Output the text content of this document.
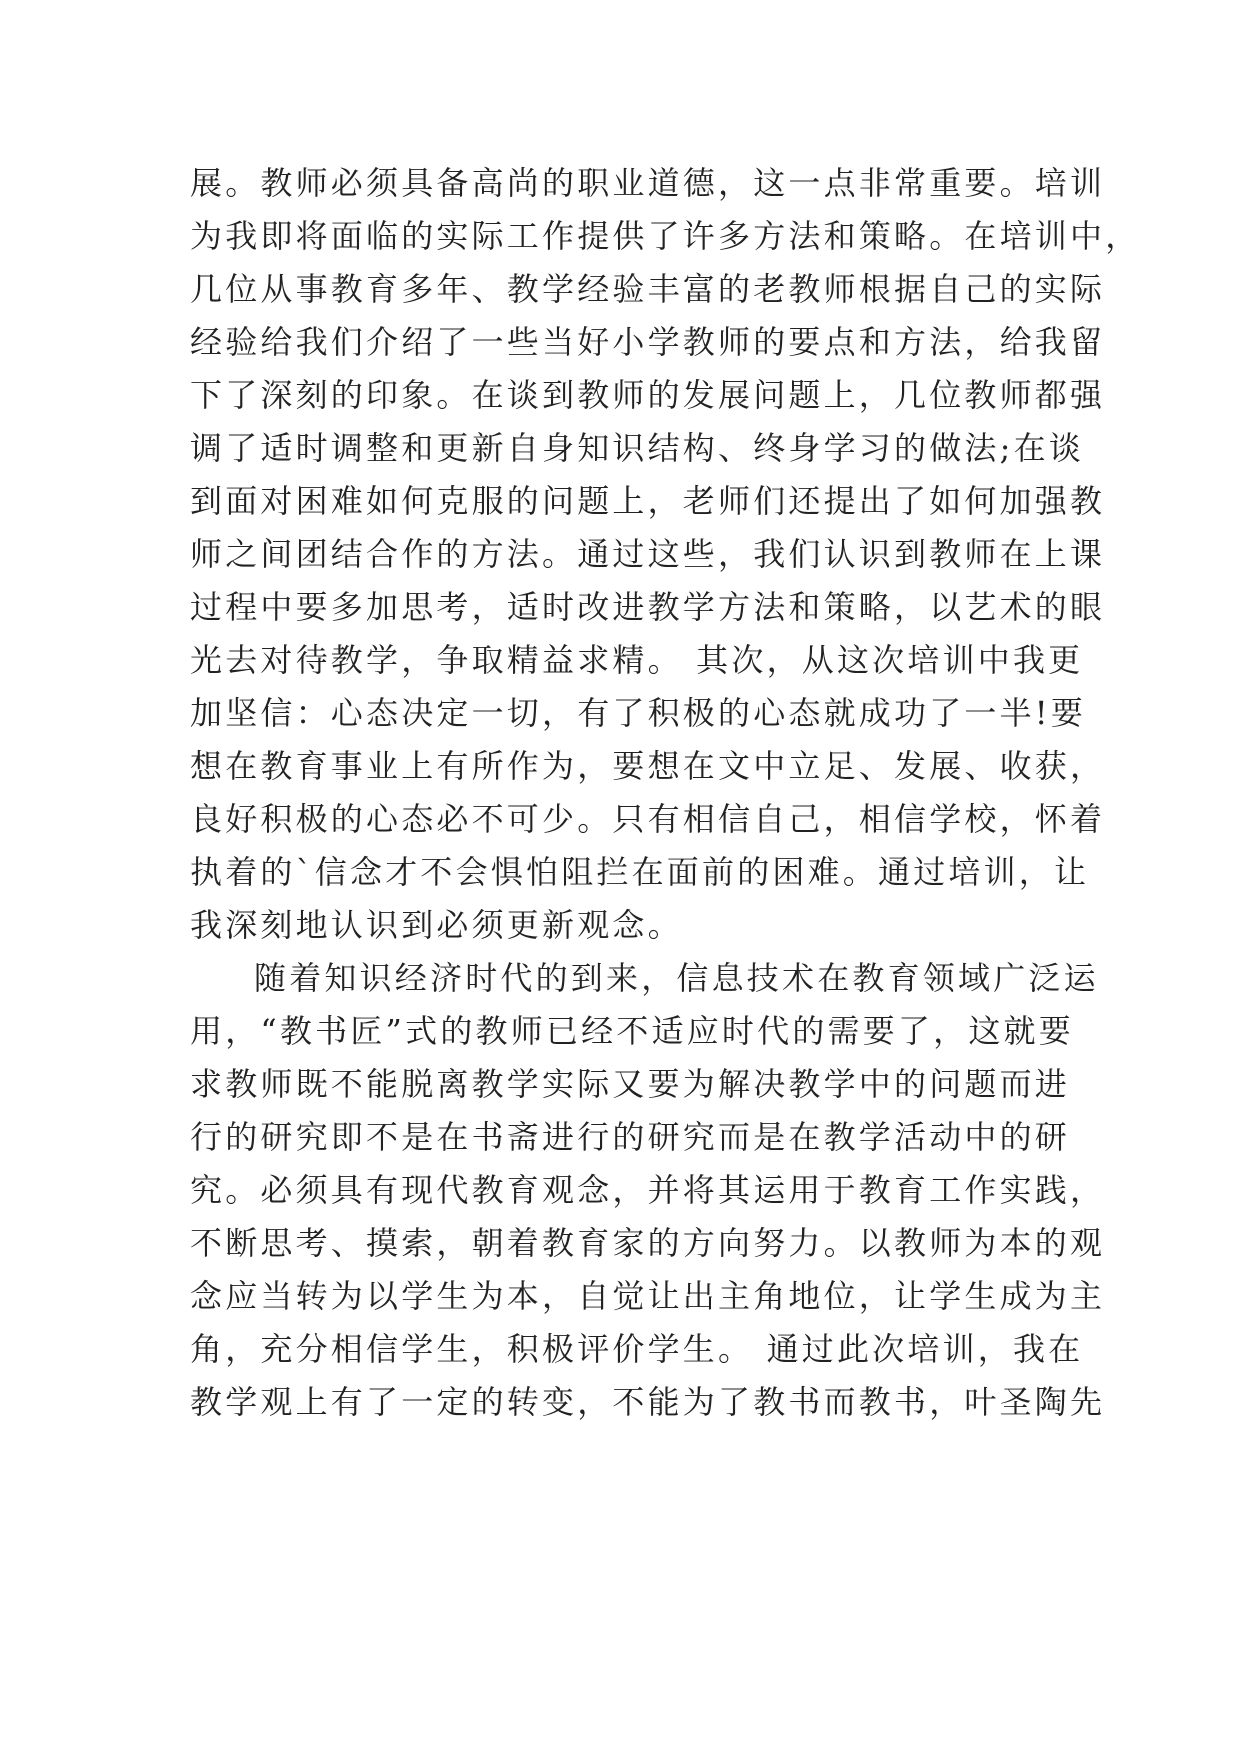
展。教师必须具备高尚的职业道德，这一点非常重要。培训
为我即将面临的实际工作提供了许多方法和策略。在培训中，
几位从事教育多年、教学经验丰富的老教师根据自己的实际
经验给我们介绍了一些当好小学教师的要点和方法，给我留
下了深刻的印象。在谈到教师的发展问题上，几位教师都强
调了适时调整和更新自身知识结构、终身学习的做法;在谈
到面对困难如何克服的问题上，老师们还提出了如何加强教
师之间团结合作的方法。通过这些，我们认识到教师在上课
过程中要多加思考，适时改进教学方法和策略，以艺术的眼
光去对待教学，争取精益求精。 其次，从这次培训中我更
加坚信：心态决定一切，有了积极的心态就成功了一半!要
想在教育事业上有所作为，要想在文中立足、发展、收获，
良好积极的心态必不可少。只有相信自己，相信学校，怀着
执着的`信念才不会惧怕阻拦在面前的困难。通过培训，让
我深刻地认识到必须更新观念。
随着知识经济时代的到来，信息技术在教育领域广泛运
用，“教书匠”式的教师已经不适应时代的需要了，这就要
求教师既不能脱离教学实际又要为解决教学中的问题而进
行的研究即不是在书斋进行的研究而是在教学活动中的研
究。必须具有现代教育观念，并将其运用于教育工作实践，
不断思考、摸索，朝着教育家的方向努力。以教师为本的观
念应当转为以学生为本，自觉让出主角地位，让学生成为主
角，充分相信学生，积极评价学生。 通过此次培训，我在
教学观上有了一定的转变，不能为了教书而教书，叶圣陶先
